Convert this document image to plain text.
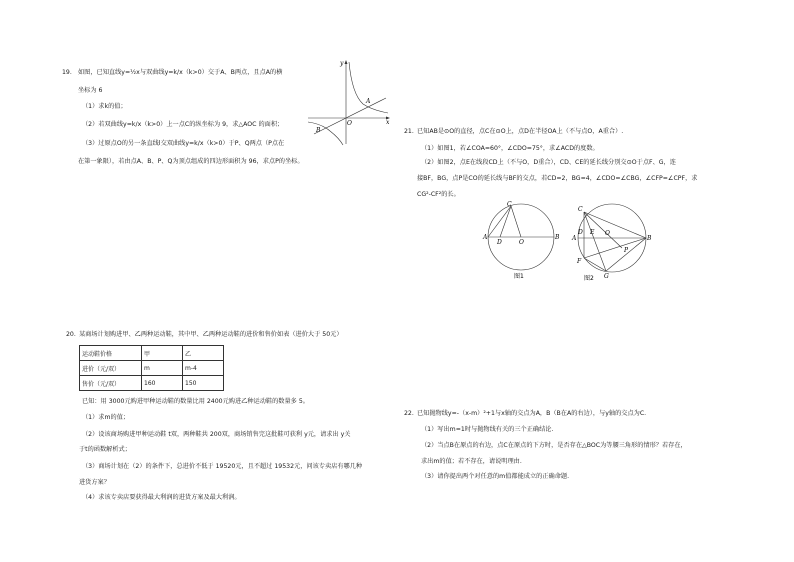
19. 如图，已知直线y=½x与双曲线y=k/x（k>0）交于A、B两点，且点A的横
坐标为 6
（1）求k的值；
（2）若双曲线y=k/x（k>0）上一点C的纵坐标为 9，求△AOC 的面积；
（3）过原点O的另一条直线l交双曲线y=k/x（k>0）于P、Q两点（P点在
在第一象限），若由点A、B、P、Q为顶点组成的四边形面积为 96，求点P的坐标。
y
x
A
B
O
20. 某商场计划购进甲、乙两种运动鞋，其中甲、乙两种运动鞋的进价和售价如表（进价大于 50元）
运动鞋价格	甲	乙
进价（元/双）	m	m-4
售价（元/双）	160	150
已知：用 3000元购进甲种运动鞋的数量比用 2400元购进乙种运动鞋的数量多 5。
（1）求m的值；
（2）设该商场购进甲种运动鞋 t双，两种鞋共 200双，商场销售完这批鞋可获利 y元，请求出 y关
于t的函数解析式；
（3）商场计划在（2）的条件下，总进价不低于 19520元，且不超过 19532元，问该专卖店有哪几种
进货方案？
（4）求该专卖店要获得最大利润的进货方案及最大利润。
21. 已知AB是⊙O的直径，点C在⊙O上，点D在半径OA上（不与点O，A重合）.
（1）如图1，若∠COA=60°，∠CDO=75°，求∠ACD的度数。
（2）如图2，点E在线段CD上（不与O，D重合），CD、CE的延长线分别交⊙O于点F、G，连
接BF，BG，点P是CO的延长线与BF的交点，若CD=2，BG=4，∠CDO=∠CBG，∠CFP=∠CPF，求
CG²-CF²的长。
C
A
D	O
B
图1
C
A
D E O
P
B
F
G
图2
22. 已知抛物线y=-（x-m）²+1与x轴的交点为A，B（B在A的右边），与y轴的交点为C.
（1）写出m=1时与抛物线有关的三个正确结论.
（2）当点B在原点的右边，点C在原点的下方时，是否存在△BOC为等腰三角形的情形？若存在，
求出m的值；若不存在，请说明理由.
（3）请你提出两个对任意的m值都能成立的正确命题.
